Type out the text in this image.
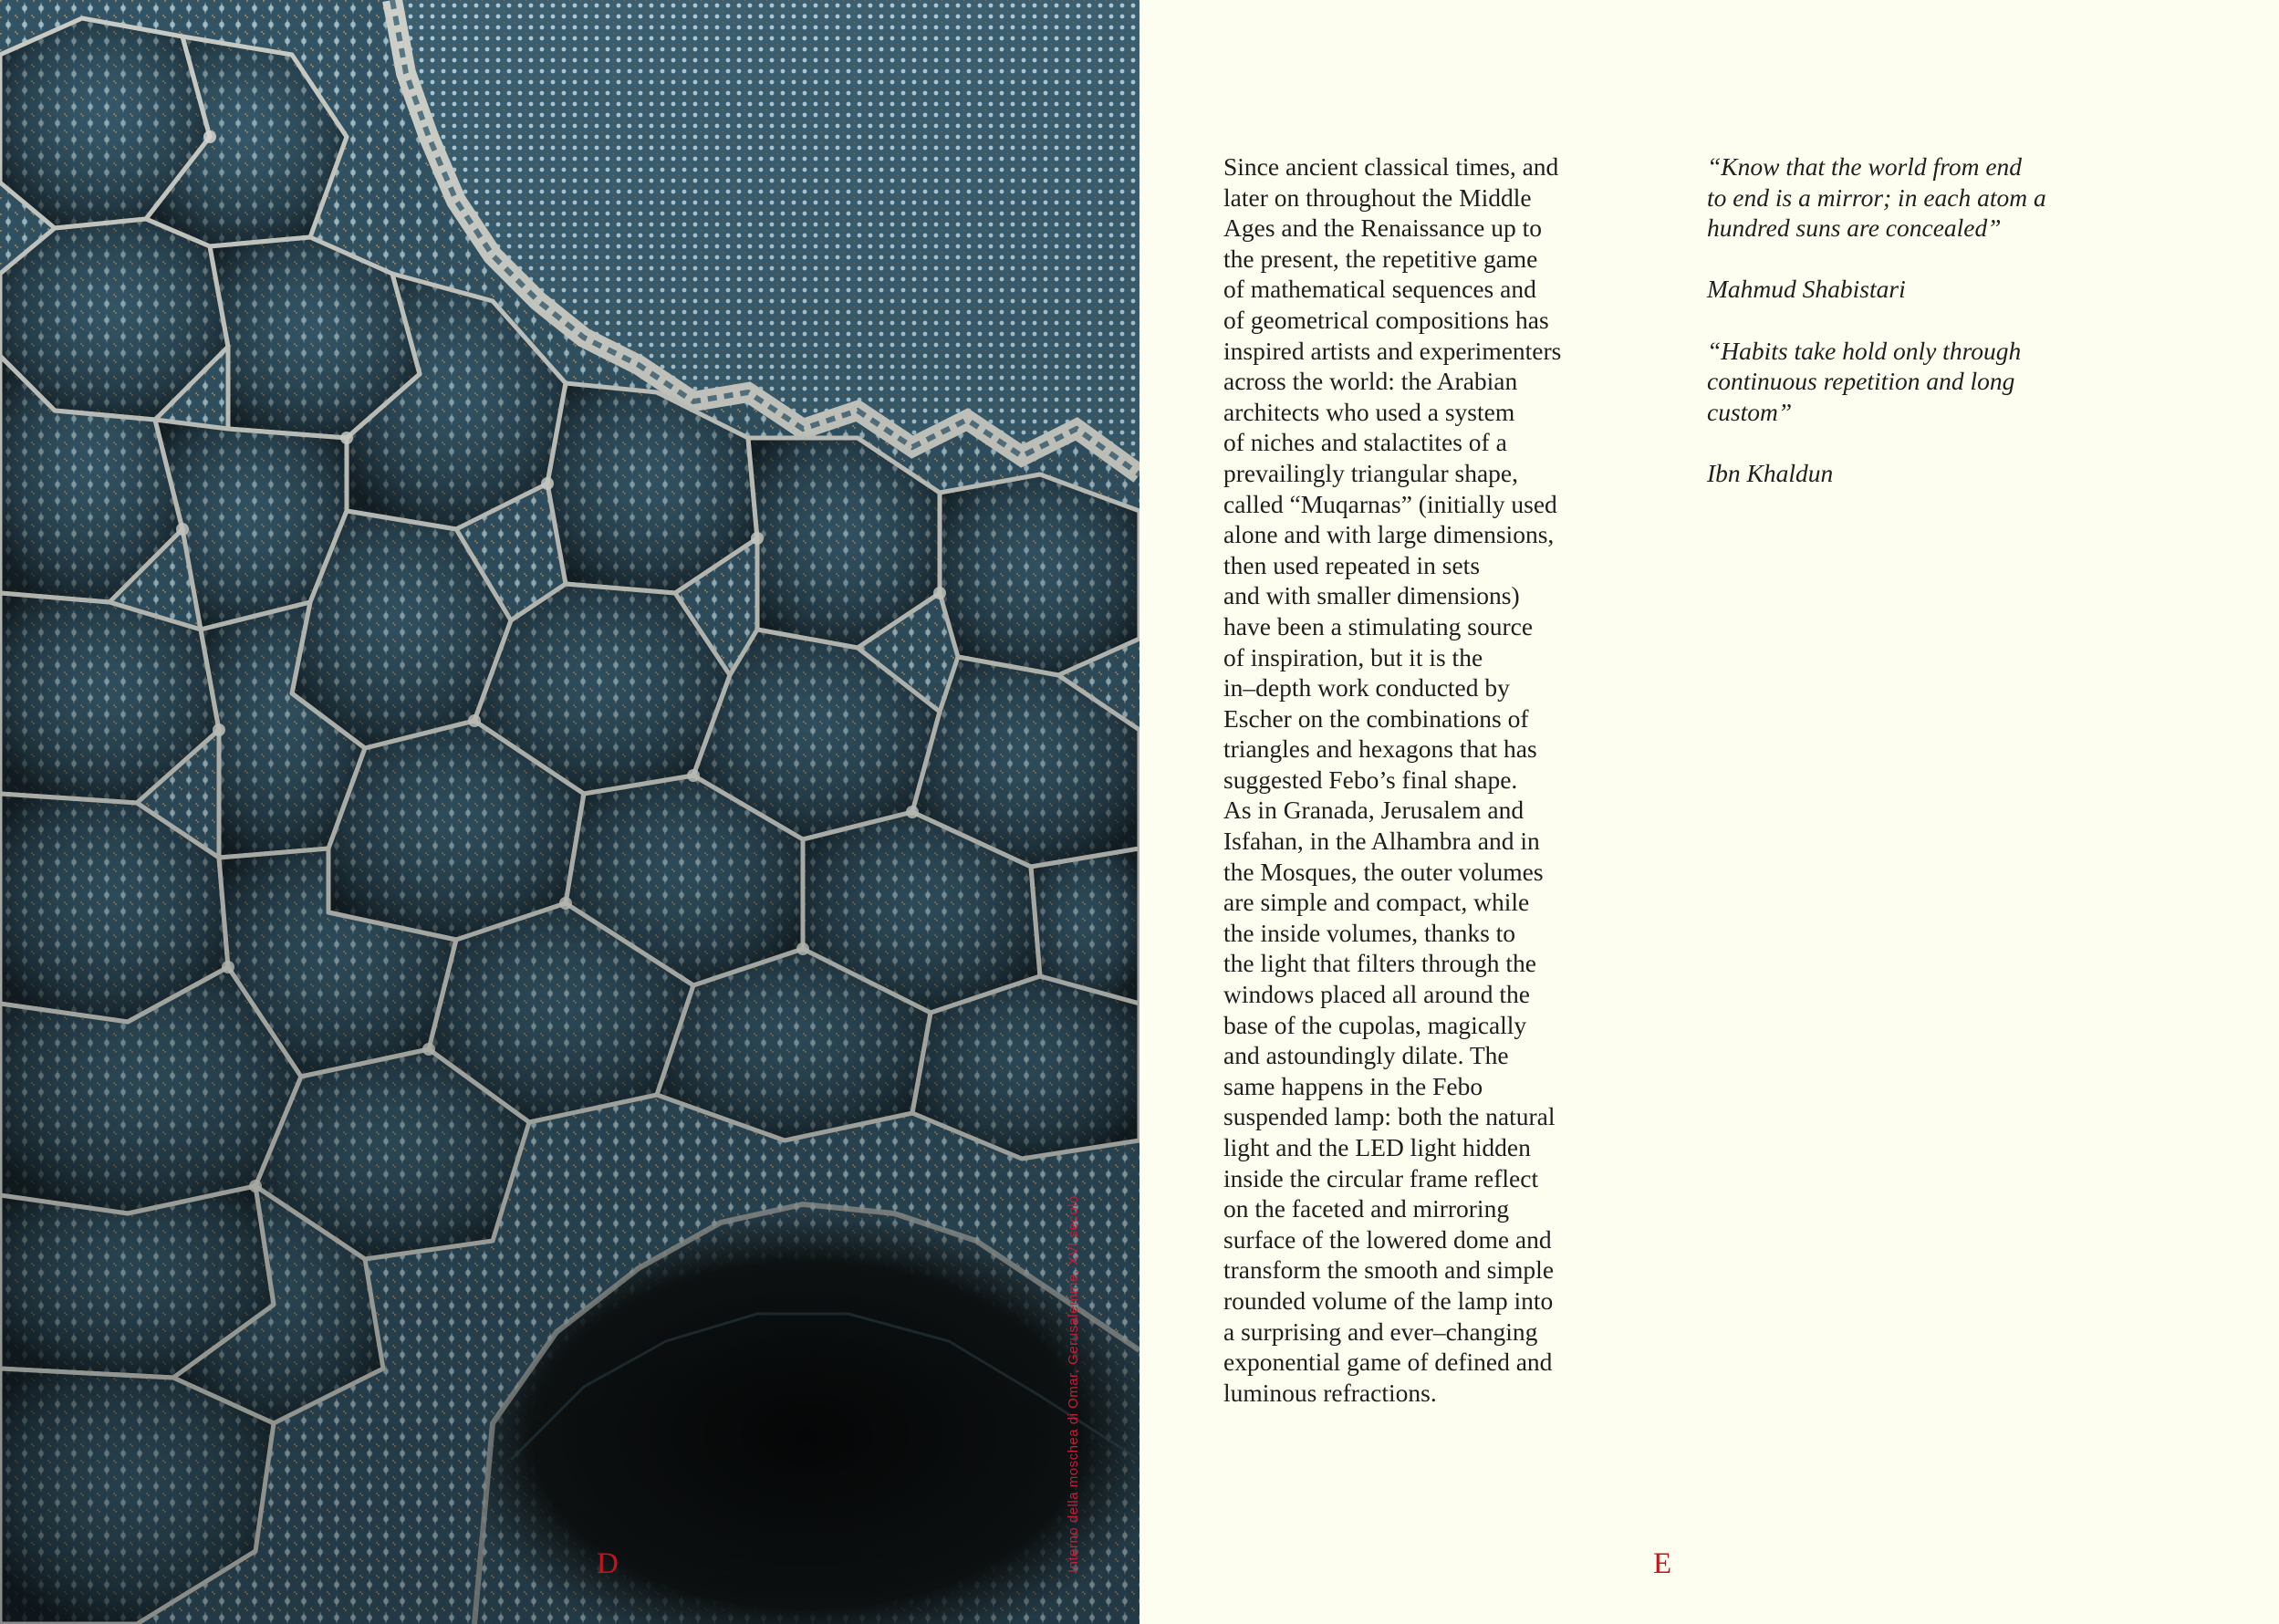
Interno della moschea di Omar, Gerusalemme, XVI secolo
Since ancient classical times, and
later on throughout the Middle
Ages and the Renaissance up to
the present, the repetitive game
of mathematical sequences and
of geometrical compositions has
inspired artists and experimenters
across the world: the Arabian
architects who used a system
of niches and stalactites of a
prevailingly triangular shape,
called “Muqarnas” (initially used
alone and with large dimensions,
then used repeated in sets
and with smaller dimensions)
have been a stimulating source
of inspiration, but it is the
in–depth work conducted by
Escher on the combinations of
triangles and hexagons that has
suggested Febo’s final shape.
As in Granada, Jerusalem and
Isfahan, in the Alhambra and in
the Mosques, the outer volumes
are simple and compact, while
the inside volumes, thanks to
the light that filters through the
windows placed all around the
base of the cupolas, magically
and astoundingly dilate. The
same happens in the Febo
suspended lamp: both the natural
light and the LED light hidden
inside the circular frame reflect
on the faceted and mirroring
surface of the lowered dome and
transform the smooth and simple
rounded volume of the lamp into
a surprising and ever–changing
exponential game of defined and
luminous refractions.
“Know that the world from end
to end is a mirror; in each atom a
hundred suns are concealed”
Mahmud Shabistari
“Habits take hold only through
continuous repetition and long
custom”
Ibn Khaldun
D	E
